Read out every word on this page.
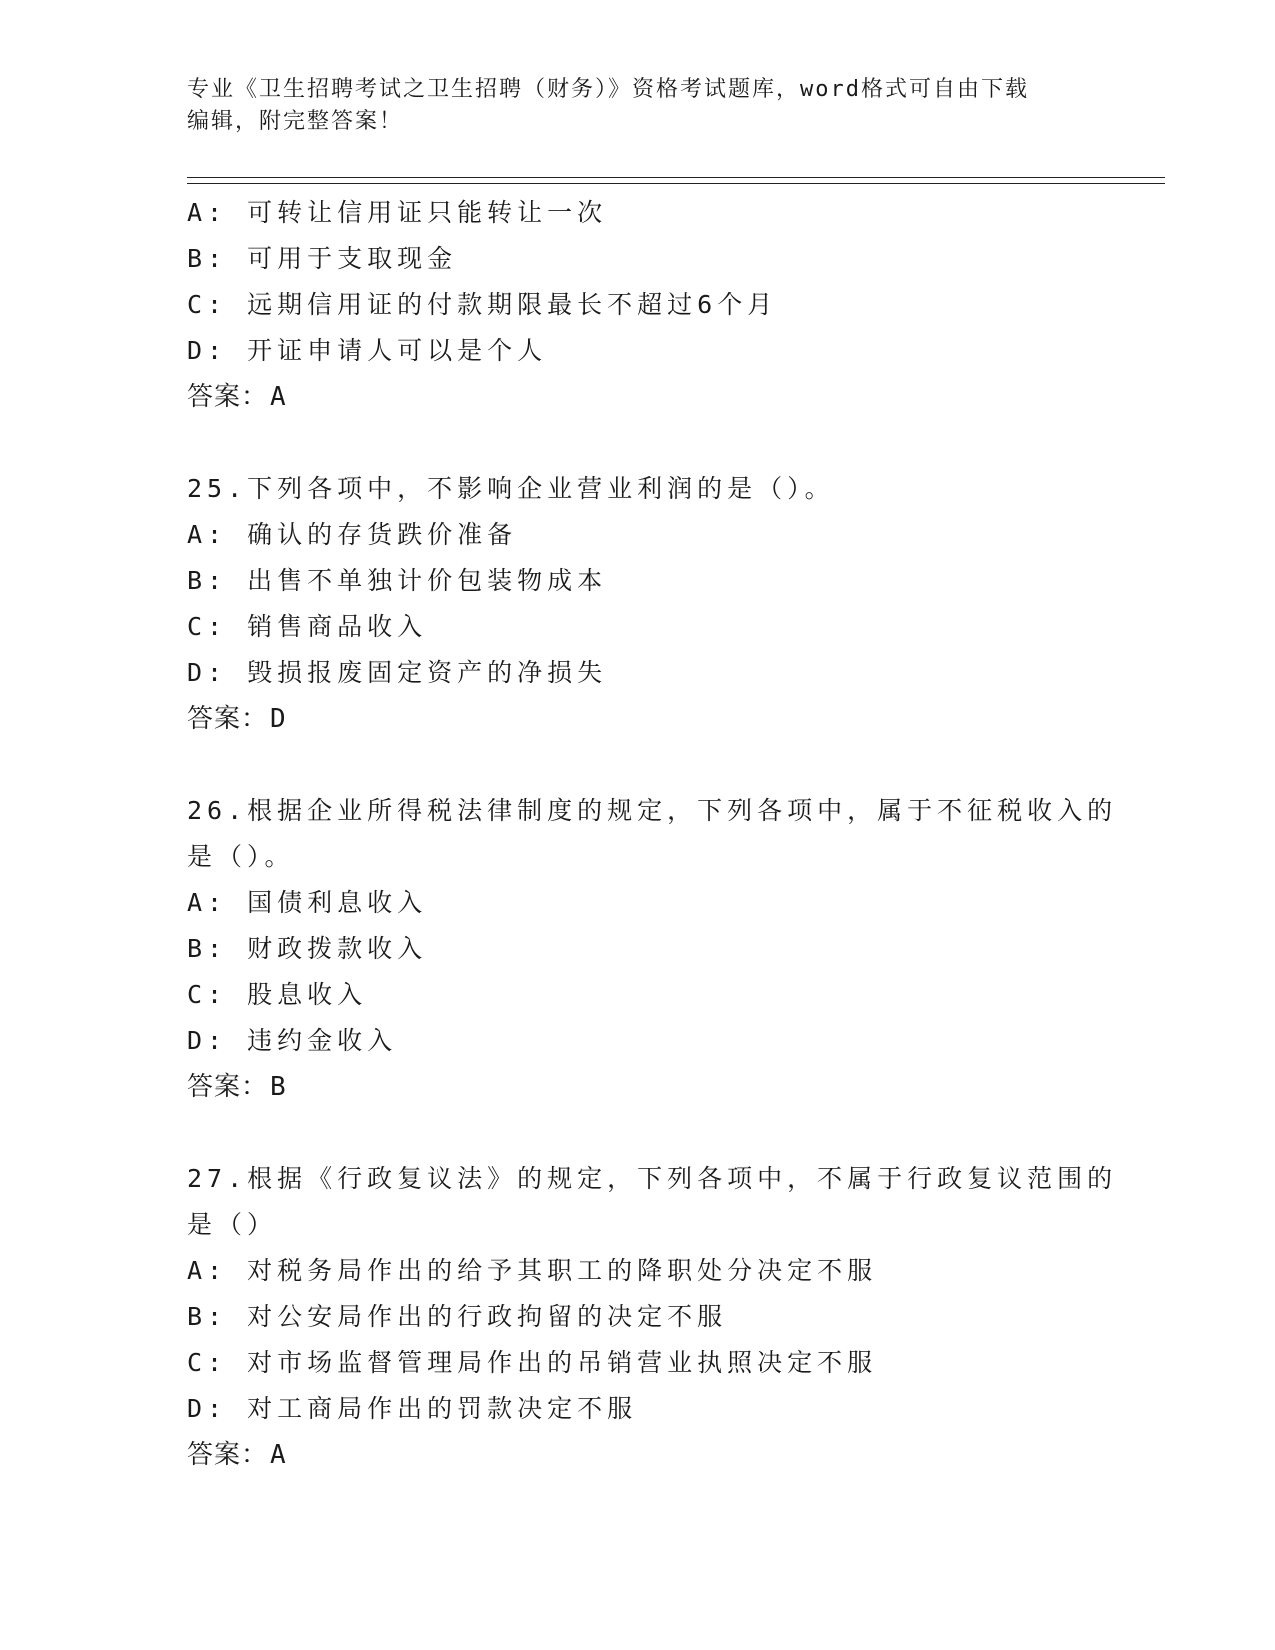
专业《卫生招聘考试之卫生招聘（财务）》资格考试题库，word格式可自由下载
编辑，附完整答案！
A: 可转让信用证只能转让一次
B: 可用于支取现金
C: 远期信用证的付款期限最长不超过6个月
D: 开证申请人可以是个人
答案：A
25.下列各项中，不影响企业营业利润的是（）。
A: 确认的存货跌价准备
B: 出售不单独计价包装物成本
C: 销售商品收入
D: 毁损报废固定资产的净损失
答案：D
26.根据企业所得税法律制度的规定，下列各项中，属于不征税收入的
是（）。
A: 国债利息收入
B: 财政拨款收入
C: 股息收入
D: 违约金收入
答案：B
27.根据《行政复议法》的规定，下列各项中，不属于行政复议范围的
是（）
A: 对税务局作出的给予其职工的降职处分决定不服
B: 对公安局作出的行政拘留的决定不服
C: 对市场监督管理局作出的吊销营业执照决定不服
D: 对工商局作出的罚款决定不服
答案：A
